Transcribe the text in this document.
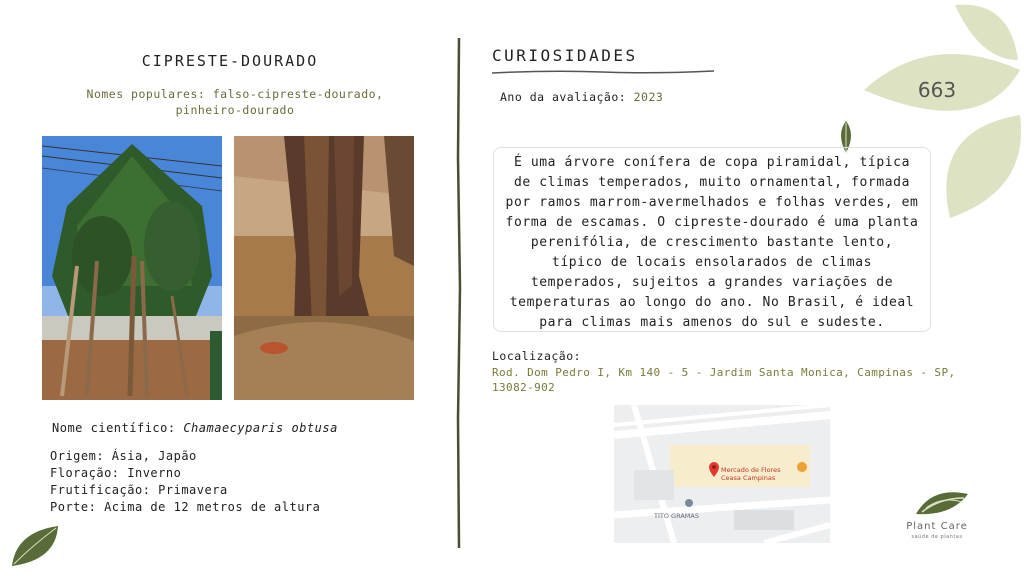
CIPRESTE-DOURADO
Nomes populares: falso-cipreste-dourado, pinheiro-dourado
Nome científico: Chamaecyparis obtusa
Origem: Ásia, Japão
Floração: Inverno
Frutificação: Primavera
Porte: Acima de 12 metros de altura
CURIOSIDADES
Ano da avaliação: 2023	663
É uma árvore conífera de copa piramidal, típica de climas temperados, muito ornamental, formada por ramos marrom-avermelhados e folhas verdes, em forma de escamas. O cipreste-dourado é uma planta perenifólia, de crescimento bastante lento, típico de locais ensolarados de climas temperados, sujeitos a grandes variações de temperaturas ao longo do ano. No Brasil, é ideal para climas mais amenos do sul e sudeste.
Localização:
Rod. Dom Pedro I, Km 140 - 5 - Jardim Santa Monica, Campinas - SP, 13082-902
Mercado de Flores
Ceasa Campinas
TITO GRAMAS
Plant Care
saúde de plantas
